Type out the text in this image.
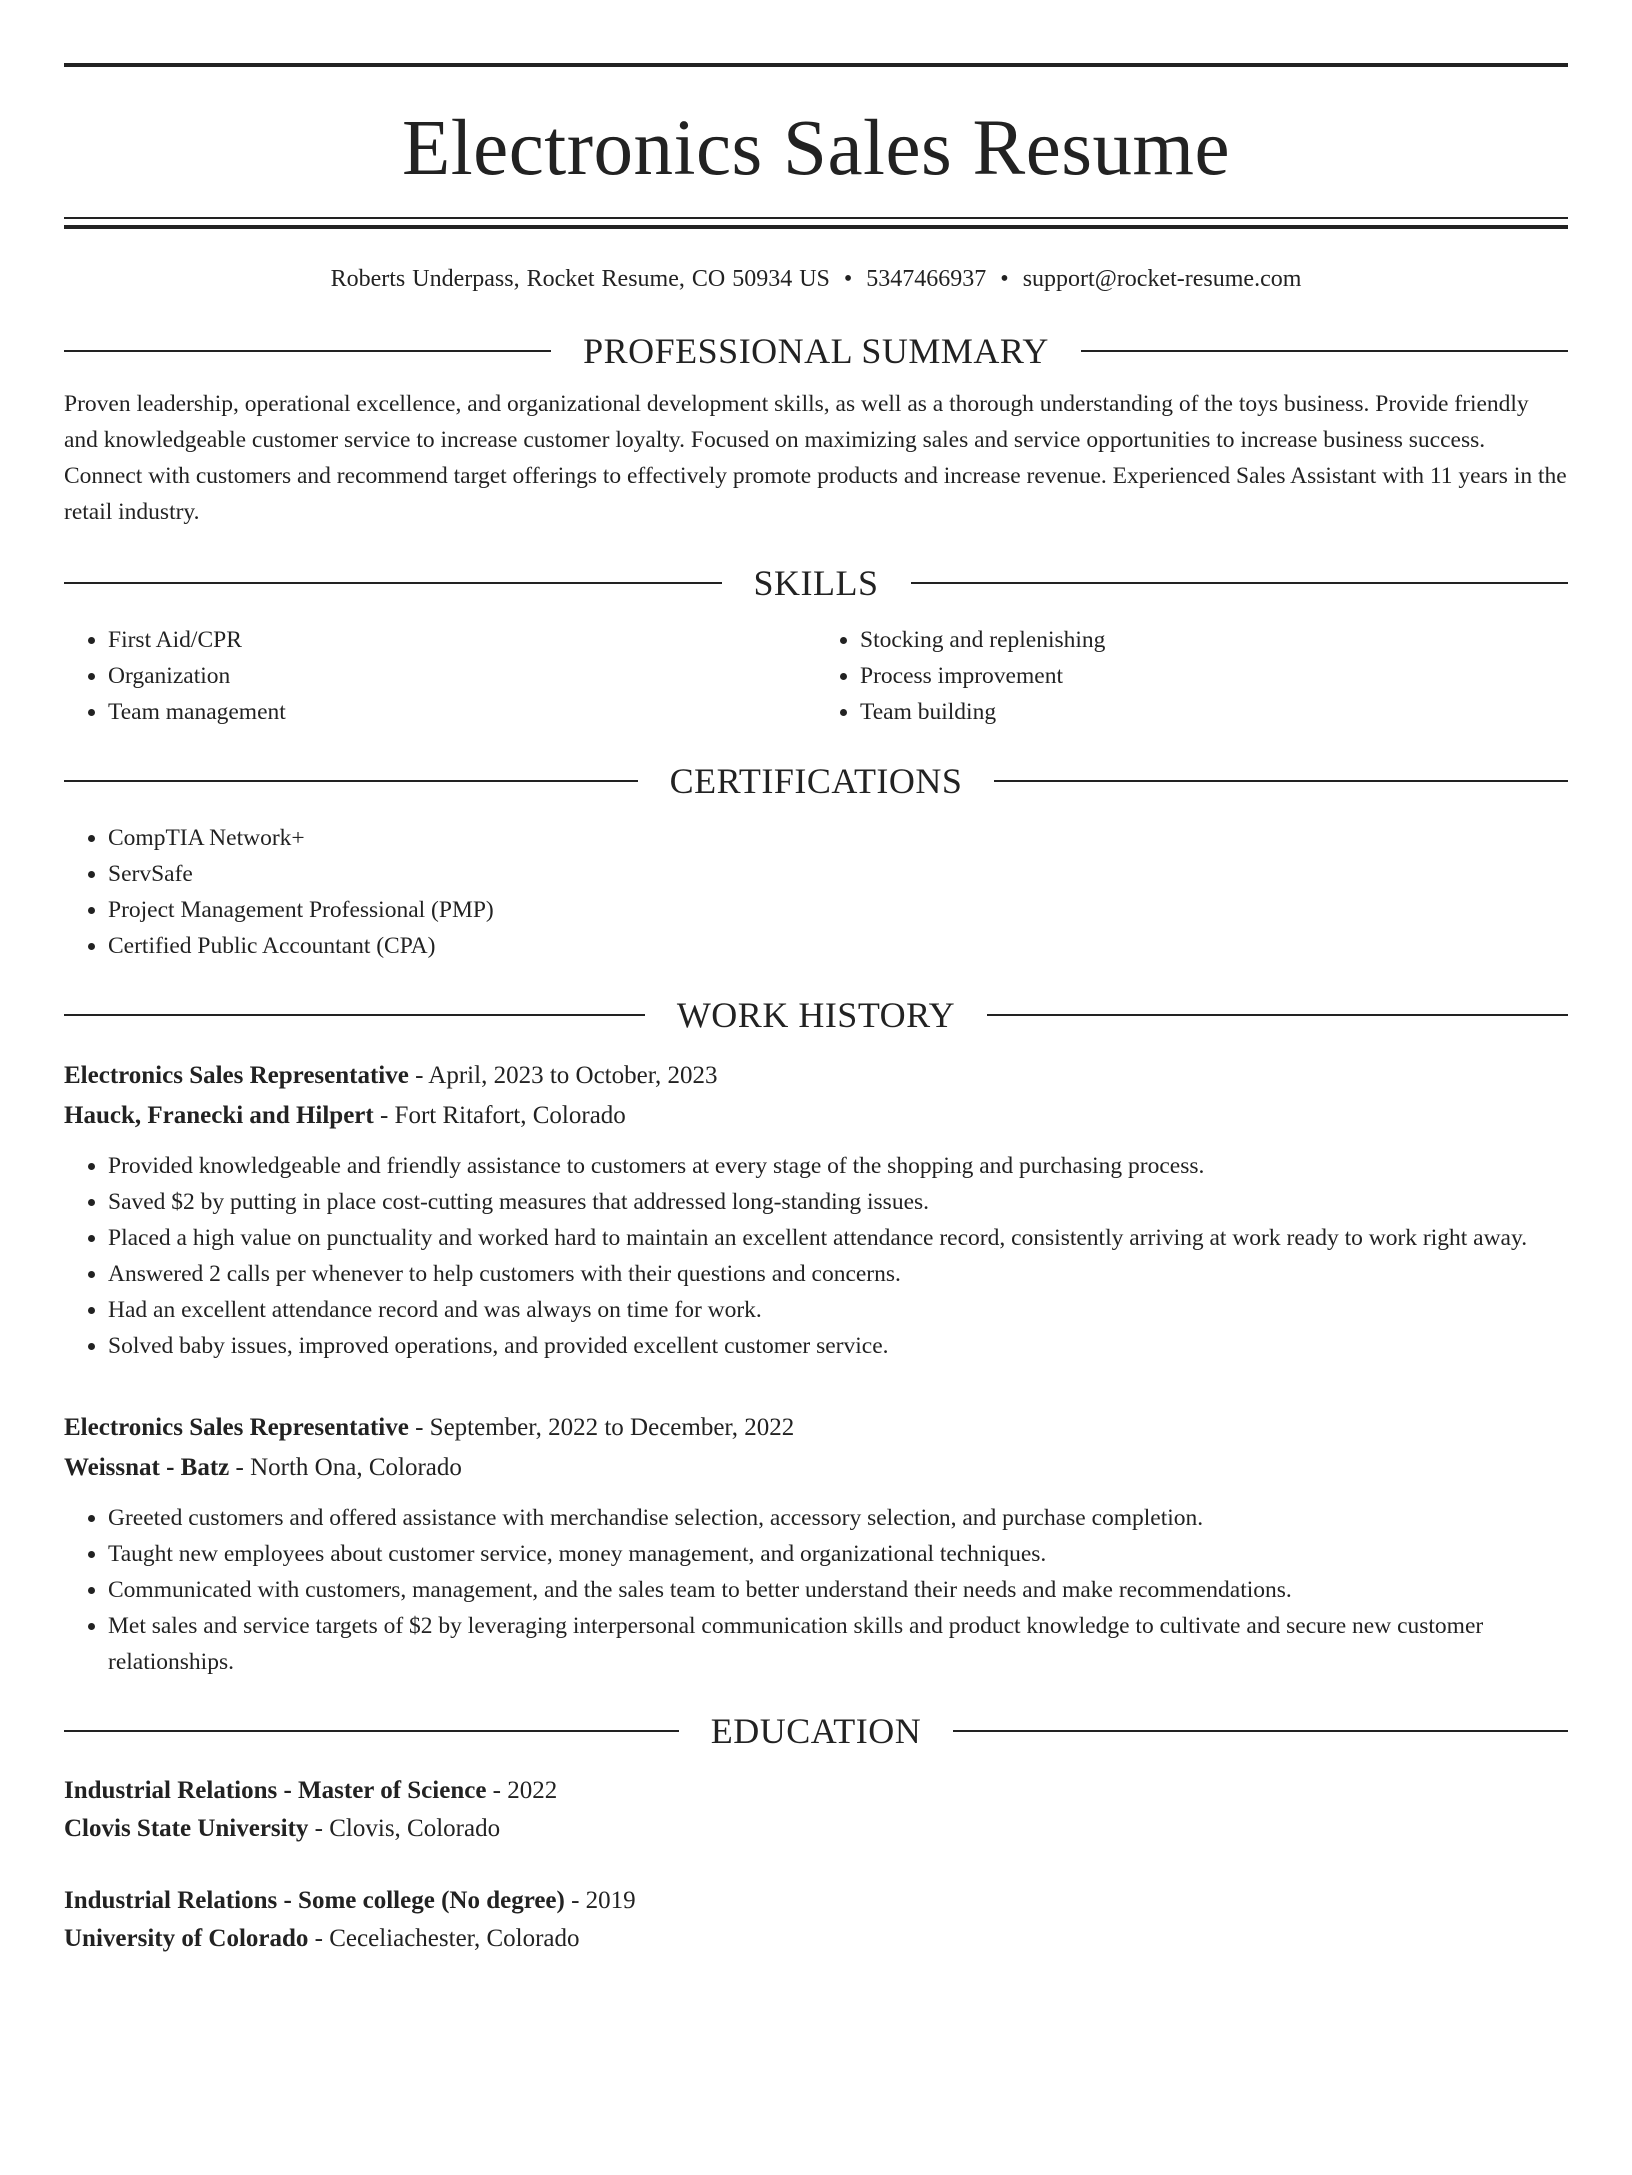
Electronics Sales Resume
Roberts Underpass, Rocket Resume, CO 50934 US • 5347466937 • support@rocket-resume.com
PROFESSIONAL SUMMARY

Proven leadership, operational excellence, and organizational development skills, as well as a thorough understanding of the toys business. Provide friendly and knowledgeable customer service to increase customer loyalty. Focused on maximizing sales and service opportunities to increase business success. Connect with customers and recommend target offerings to effectively promote products and increase revenue. Experienced Sales Assistant with 11 years in the retail industry.

SKILLS
• First Aid/CPR
• Organization
• Team management
• Stocking and replenishing
• Process improvement
• Team building
CERTIFICATIONS
• CompTIA Network+
• ServSafe
• Project Management Professional (PMP)
• Certified Public Accountant (CPA)
WORK HISTORY
Electronics Sales Representative - April, 2023 to October, 2023
Hauck, Franecki and Hilpert - Fort Ritafort, Colorado
• Provided knowledgeable and friendly assistance to customers at every stage of the shopping and purchasing process.
• Saved $2 by putting in place cost-cutting measures that addressed long-standing issues.
• Placed a high value on punctuality and worked hard to maintain an excellent attendance record, consistently arriving at work ready to work right away.
• Answered 2 calls per whenever to help customers with their questions and concerns.
• Had an excellent attendance record and was always on time for work.
• Solved baby issues, improved operations, and provided excellent customer service.
Electronics Sales Representative - September, 2022 to December, 2022
Weissnat - Batz - North Ona, Colorado
• Greeted customers and offered assistance with merchandise selection, accessory selection, and purchase completion.
• Taught new employees about customer service, money management, and organizational techniques.
• Communicated with customers, management, and the sales team to better understand their needs and make recommendations.
• Met sales and service targets of $2 by leveraging interpersonal communication skills and product knowledge to cultivate and secure new customer relationships.
EDUCATION
Industrial Relations - Master of Science - 2022
Clovis State University - Clovis, Colorado
Industrial Relations - Some college (No degree) - 2019
University of Colorado - Ceceliachester, Colorado
